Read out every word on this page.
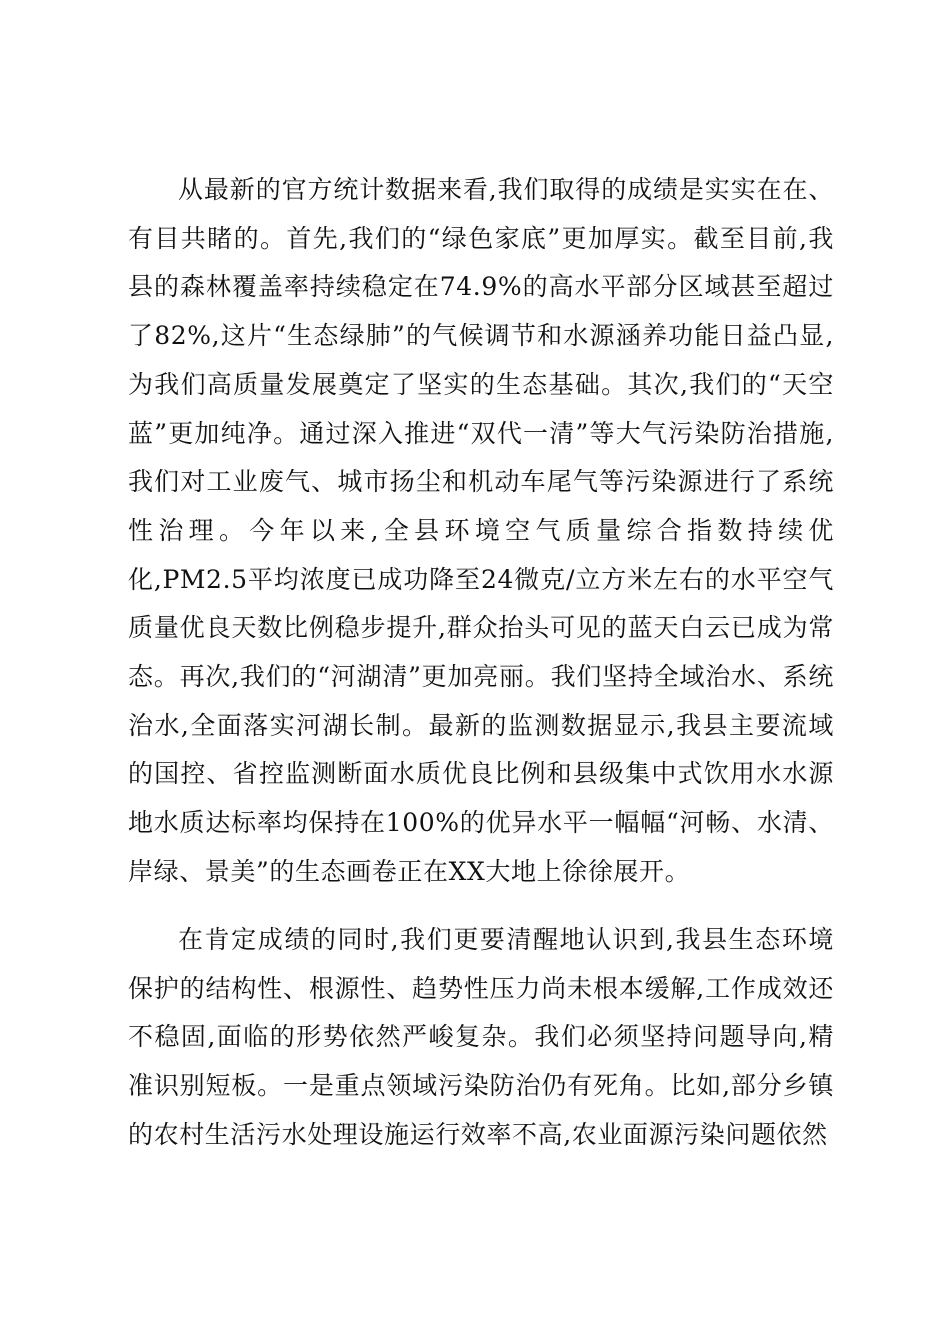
从最新的官方统计数据来看,我们取得的成绩是实实在在、有目共睹的。首先,我们的“绿色家底”更加厚实。截至目前,我县的森林覆盖率持续稳定在74.9%的高水平部分区域甚至超过了82%,这片“生态绿肺”的气候调节和水源涵养功能日益凸显,为我们高质量发展奠定了坚实的生态基础。其次,我们的“天空蓝”更加纯净。通过深入推进“双代一清”等大气污染防治措施,我们对工业废气、城市扬尘和机动车尾气等污染源进行了系统性治理。今年以来,全县环境空气质量综合指数持续优化,PM2.5平均浓度已成功降至24微克/立方米左右的水平空气质量优良天数比例稳步提升,群众抬头可见的蓝天白云已成为常态。再次,我们的“河湖清”更加亮丽。我们坚持全域治水、系统治水,全面落实河湖长制。最新的监测数据显示,我县主要流域的国控、省控监测断面水质优良比例和县级集中式饮用水水源地水质达标率均保持在100%的优异水平一幅幅“河畅、水清、岸绿、景美”的生态画卷正在XX大地上徐徐展开。

在肯定成绩的同时,我们更要清醒地认识到,我县生态环境保护的结构性、根源性、趋势性压力尚未根本缓解,工作成效还不稳固,面临的形势依然严峻复杂。我们必须坚持问题导向,精准识别短板。一是重点领域污染防治仍有死角。比如,部分乡镇的农村生活污水处理设施运行效率不高,农业面源污染问题依然
